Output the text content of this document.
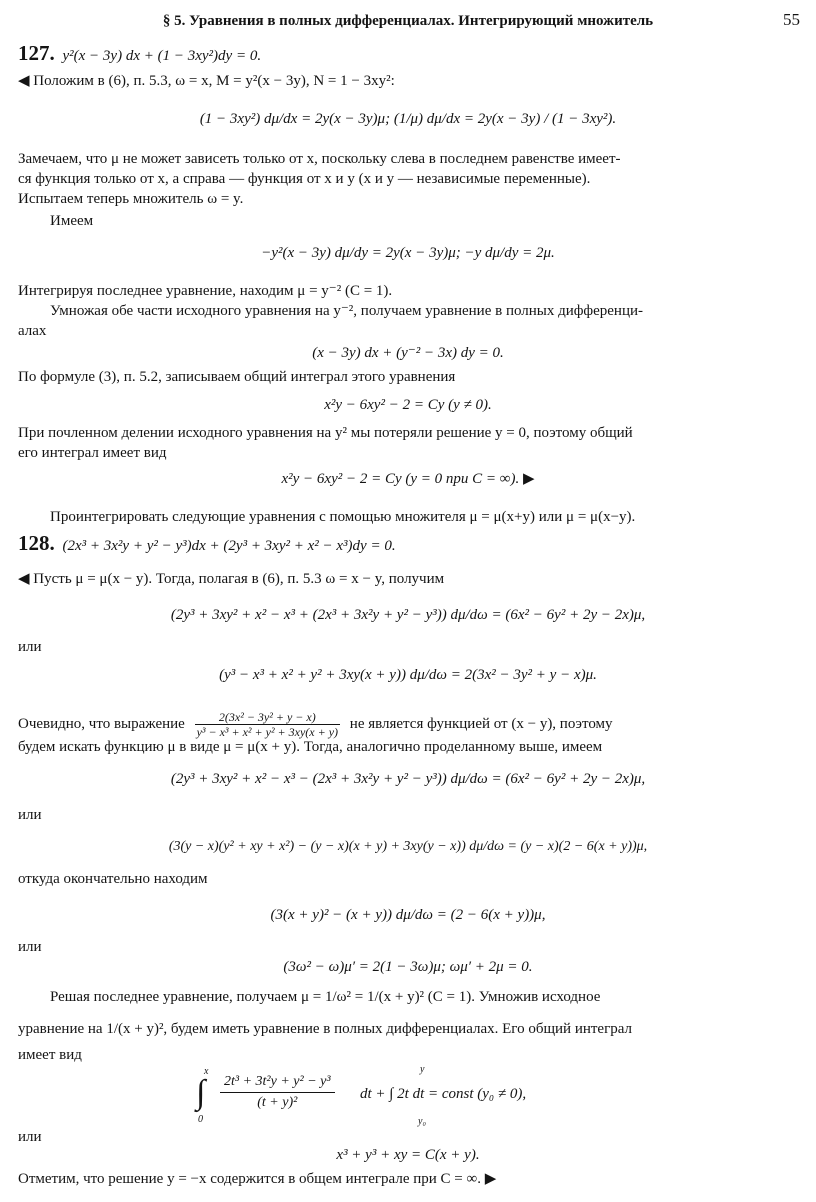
§ 5. Уравнения в полных дифференциалах. Интегрирующий множитель	55
127. y²(x − 3y) dx + (1 − 3xy²)dy = 0.
◀ Положим в (6), п. 5.3, ω = x, M = y²(x − 3y), N = 1 − 3xy²:
(1 − 3xy²) dμ/dx = 2y(x − 3y)μ; (1/μ) dμ/dx = 2y(x − 3y) / (1 − 3xy²).
Замечаем, что μ не может зависеть только от x, поскольку слева в последнем равенстве имеет-
ся функция только от x, а справа — функция от x и y (x и y — независимые переменные).
Испытаем теперь множитель ω = y.
Имеем
−y²(x − 3y) dμ/dy = 2y(x − 3y)μ; −y dμ/dy = 2μ.
Интегрируя последнее уравнение, находим μ = y⁻² (C = 1).
Умножая обе части исходного уравнения на y⁻², получаем уравнение в полных дифференци-
алах
(x − 3y) dx + (y⁻² − 3x) dy = 0.
По формуле (3), п. 5.2, записываем общий интеграл этого уравнения
x²y − 6xy² − 2 = Cy (y ≠ 0).
При почленном делении исходного уравнения на y² мы потеряли решение y = 0, поэтому общий
его интеграл имеет вид
x²y − 6xy² − 2 = Cy (y = 0 при C = ∞). ▶
Проинтегрировать следующие уравнения с помощью множителя μ = μ(x+y) или μ = μ(x−y).
128. (2x³ + 3x²y + y² − y³)dx + (2y³ + 3xy² + x² − x³)dy = 0.
◀ Пусть μ = μ(x − y). Тогда, полагая в (6), п. 5.3 ω = x − y, получим
(2y³ + 3xy² + x² − x³ + (2x³ + 3x²y + y² − y³)) dμ/dω = (6x² − 6y² + 2y − 2x)μ,
или
(y³ − x³ + x² + y² + 3xy(x + y)) dμ/dω = 2(3x² − 3y² + y − x)μ.
Очевидно, что выражение $\frac{\text{2(3x² − 3y² + y − x)}}{\text{y³ − x³ + x² + y² + 3xy(x + y)}}$ не является функцией от (x − y), поэтому
будем искать функцию μ в виде μ = μ(x + y). Тогда, аналогично проделанному выше, имеем
(2y³ + 3xy² + x² − x³ − (2x³ + 3x²y + y² − y³)) dμ/dω = (6x² − 6y² + 2y − 2x)μ,
или
(3(y − x)(y² + xy + x²) − (y − x)(x + y) + 3xy(y − x)) dμ/dω = (y − x)(2 − 6(x + y))μ,
откуда окончательно находим
(3(x + y)² − (x + y)) dμ/dω = (2 − 6(x + y))μ,
или
(3ω² − ω)μ′ = 2(1 − 3ω)μ; ωμ′ + 2μ = 0.
Решая последнее уравнение, получаем μ = 1/ω² = 1/(x + y)² (C = 1). Умножив исходное
уравнение на 1/(x + y)², будем иметь уравнение в полных дифференциалах. Его общий интеграл
имеет вид
x
∫
0
$\frac{\text{2t³ + 3t²y + y² − y³}}{\text{(t + y)²}}$
y
y₀
dt + ∫ 2t dt = const (y₀ ≠ 0),
или
x³ + y³ + xy = C(x + y).
Отметим, что решение y = −x содержится в общем интеграле при C = ∞. ▶
